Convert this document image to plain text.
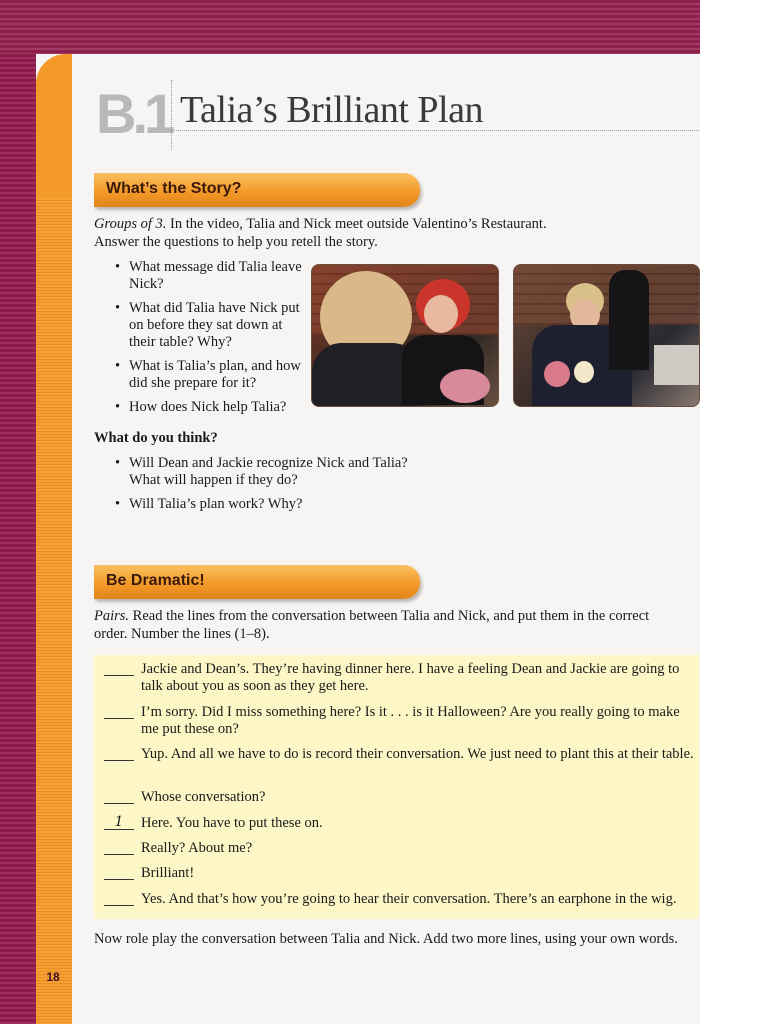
18
B.1 Talia’s Brilliant Plan
What’s the Story?
Groups of 3. In the video, Talia and Nick meet outside Valentino’s Restaurant.
Answer the questions to help you retell the story.
• What message did Talia leave Nick?
• What did Talia have Nick put on before they sat down at their table? Why?
• What is Talia’s plan, and how did she prepare for it?
• How does Nick help Talia?
What do you think?
• Will Dean and Jackie recognize Nick and Talia? What will happen if they do?
• Will Talia’s plan work? Why?
Be Dramatic!
Pairs. Read the lines from the conversation between Talia and Nick, and put them in the correct
order. Number the lines (1–8).
Jackie and Dean’s. They’re having dinner here. I have a feeling Dean and Jackie are going to talk about you as soon as they get here.
I’m sorry. Did I miss something here? Is it . . . is it Halloween? Are you really going to make me put these on?
Yup. And all we have to do is record their conversation. We just need to plant this at their table.
Whose conversation?
1	Here. You have to put these on.
Really? About me?
Brilliant!
Yes. And that’s how you’re going to hear their conversation. There’s an earphone in the wig.
Now role play the conversation between Talia and Nick. Add two more lines, using your own words.
